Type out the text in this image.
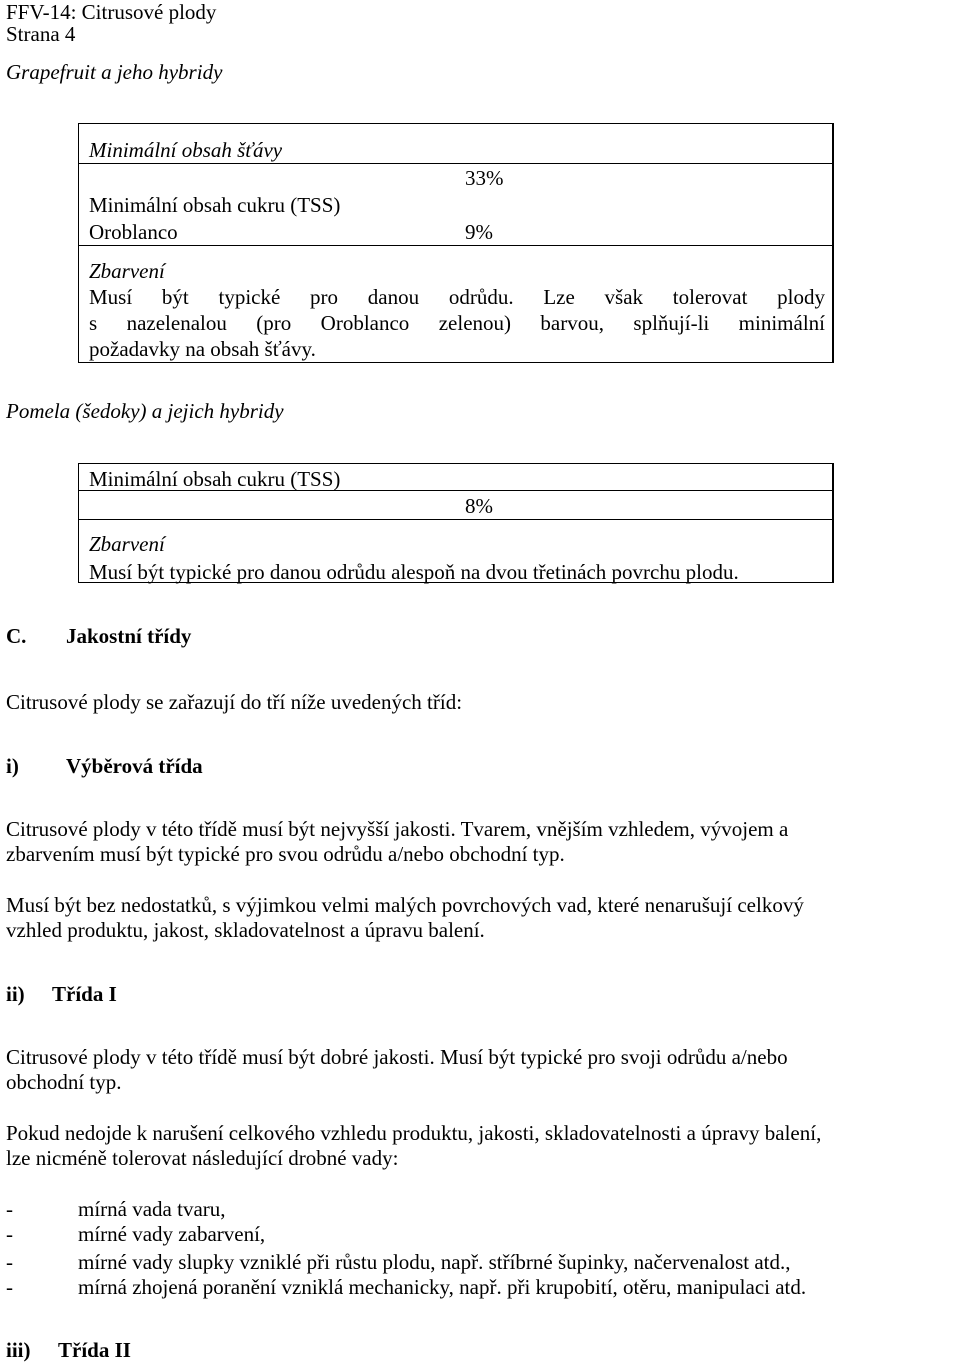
FFV-14: Citrusové plody
Strana 4
Grapefruit a jeho hybridy
Minimální obsah šťávy
33%
Minimální obsah cukru (TSS)
Oroblanco	9%
Zbarvení
Musí být typické pro danou odrůdu. Lze však tolerovat plody
s nazelenalou (pro Oroblanco zelenou) barvou, splňují-li minimální
požadavky na obsah šťávy.
Pomela (šedoky) a jejich hybridy
Minimální obsah cukru (TSS)
8%
Zbarvení
Musí být typické pro danou odrůdu alespoň na dvou třetinách povrchu plodu.
C. Jakostní třídy
Citrusové plody se zařazují do tří níže uvedených tříd:
i) Výběrová třída
Citrusové plody v této třídě musí být nejvyšší jakosti. Tvarem, vnějším vzhledem, vývojem a
zbarvením musí být typické pro svou odrůdu a/nebo obchodní typ.
Musí být bez nedostatků, s výjimkou velmi malých povrchových vad, které nenarušují celkový
vzhled produktu, jakost, skladovatelnost a úpravu balení.
ii) Třída I
Citrusové plody v této třídě musí být dobré jakosti. Musí být typické pro svoji odrůdu a/nebo
obchodní typ.
Pokud nedojde k narušení celkového vzhledu produktu, jakosti, skladovatelnosti a úpravy balení,
lze nicméně tolerovat následující drobné vady:
-	mírná vada tvaru,
-	mírné vady zabarvení,
-	mírné vady slupky vzniklé při růstu plodu, např. stříbrné šupinky, načervenalost atd.,
-	mírná zhojená poranění vzniklá mechanicky, např. při krupobití, otěru, manipulaci atd.
iii) Třída II
